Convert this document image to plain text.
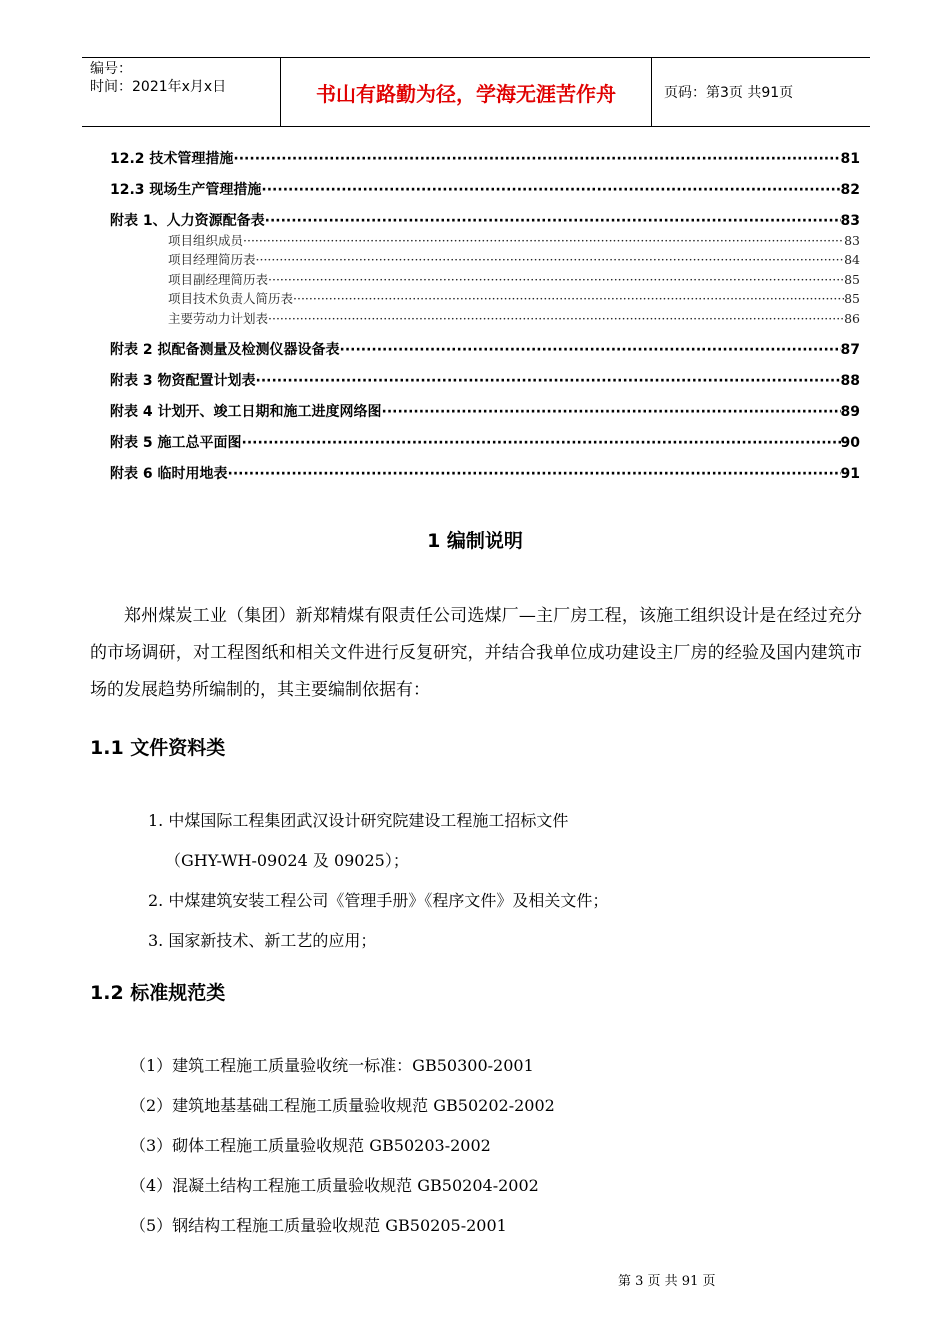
编号：
时间：2021年x月x日	书山有路勤为径，学海无涯苦作舟	页码：第3页 共91页
12.2 技术管理措施 ·····	81
12.3 现场生产管理措施 ·····	82
附表 1、人力资源配备表 ·····	83
项目组织成员 ·····	83
项目经理简历表 ·····	84
项目副经理简历表 ·····	85
项目技术负责人简历表 ·····	85
主要劳动力计划表 ·····	86
附表 2 拟配备测量及检测仪器设备表 ·····	87
附表 3 物资配置计划表 ·····	88
附表 4 计划开、竣工日期和施工进度网络图 ·····	89
附表 5 施工总平面图 ·····	90
附表 6 临时用地表 ·····	91
1 编制说明
郑州煤炭工业（集团）新郑精煤有限责任公司选煤厂—主厂房工程，该施工组织设计是在经过充分的市场调研，对工程图纸和相关文件进行反复研究，并结合我单位成功建设主厂房的经验及国内建筑市场的发展趋势所编制的，其主要编制依据有：
1.1 文件资料类
1. 中煤国际工程集团武汉设计研究院建设工程施工招标文件
（GHY-WH-09024 及 09025）；
2. 中煤建筑安装工程公司《管理手册》《程序文件》及相关文件；
3. 国家新技术、新工艺的应用；
1.2 标准规范类
（1）建筑工程施工质量验收统一标准：GB50300-2001
（2）建筑地基基础工程施工质量验收规范 GB50202-2002
（3）砌体工程施工质量验收规范 GB50203-2002
（4）混凝土结构工程施工质量验收规范 GB50204-2002
（5）钢结构工程施工质量验收规范 GB50205-2001
第 3 页 共 91 页
